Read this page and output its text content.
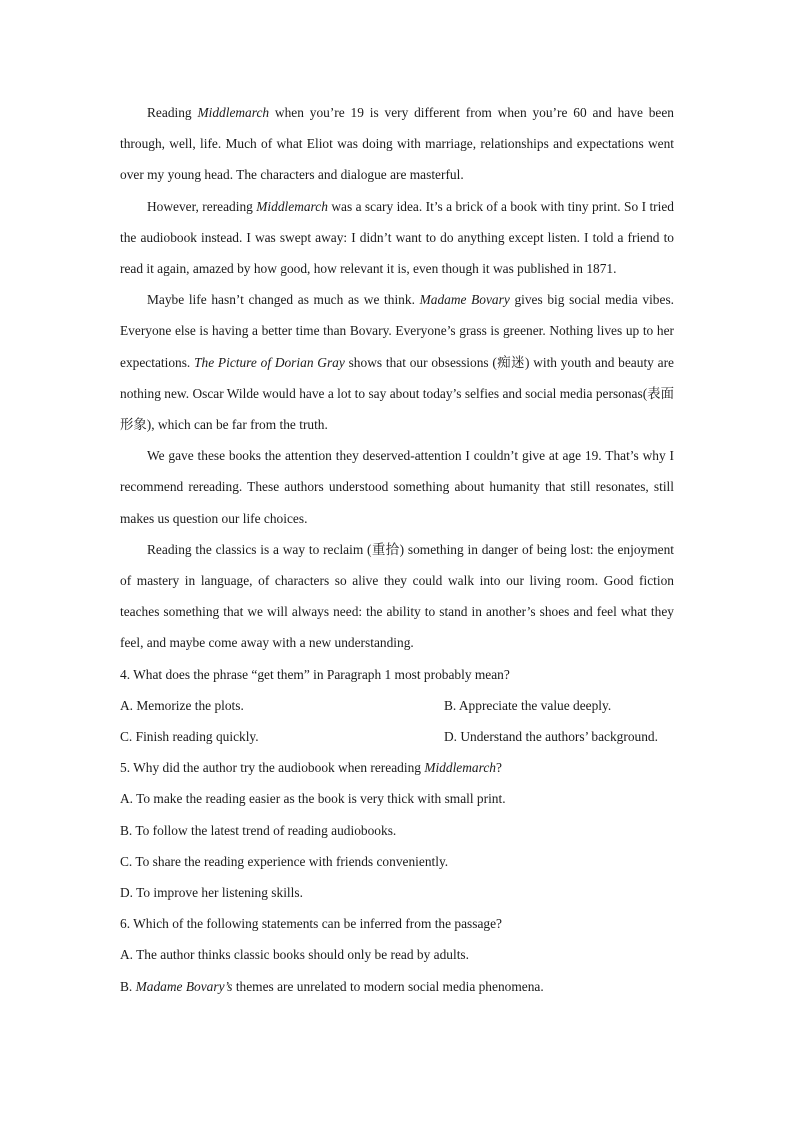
Reading Middlemarch when you’re 19 is very different from when you’re 60 and have been through, well, life. Much of what Eliot was doing with marriage, relationships and expectations went over my young head. The characters and dialogue are masterful.

However, rereading Middlemarch was a scary idea. It’s a brick of a book with tiny print. So I tried the audiobook instead. I was swept away: I didn’t want to do anything except listen. I told a friend to read it again, amazed by how good, how relevant it is, even though it was published in 1871.

Maybe life hasn’t changed as much as we think. Madame Bovary gives big social media vibes. Everyone else is having a better time than Bovary. Everyone’s grass is greener. Nothing lives up to her expectations. The Picture of Dorian Gray shows that our obsessions (痴迷) with youth and beauty are nothing new. Oscar Wilde would have a lot to say about today’s selfies and social media personas(表面形象), which can be far from the truth.

We gave these books the attention they deserved-attention I couldn’t give at age 19. That’s why I recommend rereading. These authors understood something about humanity that still resonates, still makes us question our life choices.

Reading the classics is a way to reclaim (重拾) something in danger of being lost: the enjoyment of mastery in language, of characters so alive they could walk into our living room. Good fiction teaches something that we will always need: the ability to stand in another’s shoes and feel what they feel, and maybe come away with a new understanding.

4. What does the phrase “get them” in Paragraph 1 most probably mean?

A. Memorize the plots.	B. Appreciate the value deeply.
C. Finish reading quickly.	D. Understand the authors’ background.

5. Why did the author try the audiobook when rereading Middlemarch?

A. To make the reading easier as the book is very thick with small print.

B. To follow the latest trend of reading audiobooks.

C. To share the reading experience with friends conveniently.

D. To improve her listening skills.

6. Which of the following statements can be inferred from the passage?

A. The author thinks classic books should only be read by adults.

B. Madame Bovary’s themes are unrelated to modern social media phenomena.
